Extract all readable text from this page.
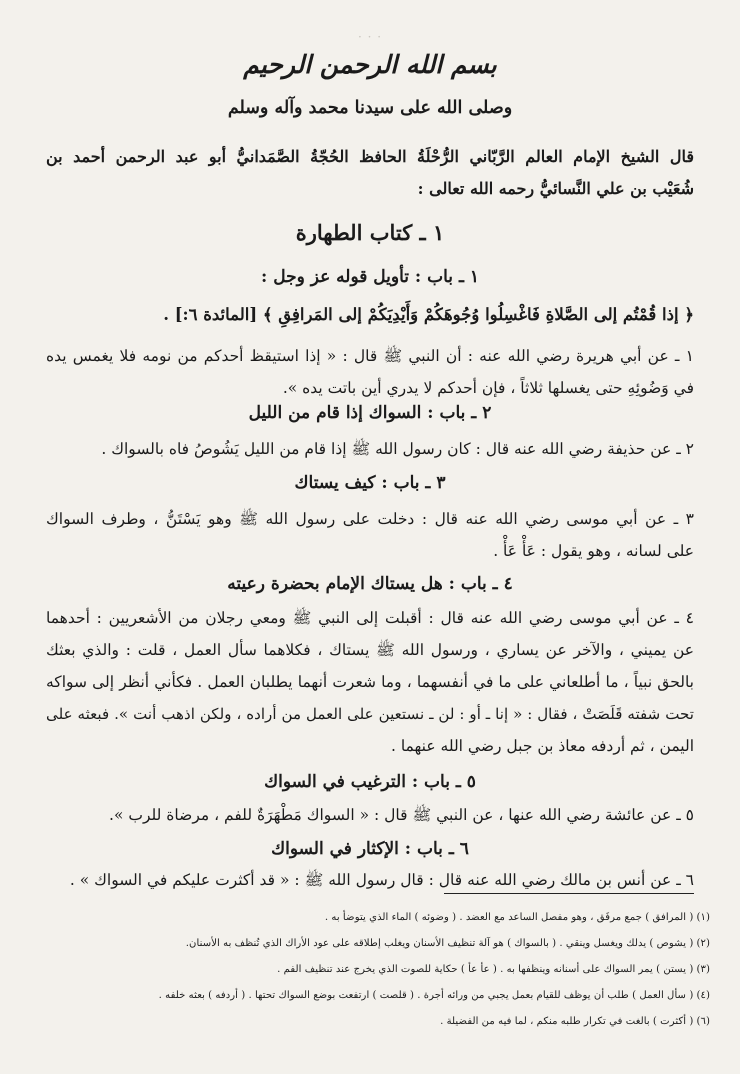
· · ·
بسم الله الرحمن الرحيم
وصلى الله على سيدنا محمد وآله وسلم
قال الشيخ الإمام العالم الرَّبّاني الرُّحْلَةُ الحافظ الحُجّةُ الصَّمَدانيُّ أبو عبد الرحمن أحمد بن
شُعَيْب بن علي النَّسائيُّ رحمه الله تعالى :
١ ـ كتاب الطهارة
١ ـ باب : تأويل قوله عز وجل :
﴿ إذا قُمْتُم إلى الصَّلاةِ فَاغْسِلُوا وُجُوهَكُمْ وَأَيْدِيَكُمْ إلى المَرافِقِ ﴾ [المائدة ٦:] .
١ ـ عن أبي هريرة رضي الله عنه : أن النبي ﷺ قال : « إذا استيقظ أحدكم من نومه فلا يغمس يده
في وَضُوئِهِ حتى يغسلها ثلاثاً ، فإن أحدكم لا يدري أين باتت يده ».
٢ ـ باب : السواك إذا قام من الليل
٢ ـ عن حذيفة رضي الله عنه قال : كان رسول الله ﷺ إذا قام من الليل يَشُوصُ فاه بالسواك .
٣ ـ باب : كيف يستاك
٣ ـ عن أبي موسى رضي الله عنه قال : دخلت على رسول الله ﷺ وهو يَسْتَنُّ ، وطرف السواك
على لسانه ، وهو يقول : عَأْ عَأْ .
٤ ـ باب : هل يستاك الإمام بحضرة رعيته
٤ ـ عن أبي موسى رضي الله عنه قال : أقبلت إلى النبي ﷺ ومعي رجلان من الأشعريين : أحدهما
عن يميني ، والآخر عن يساري ، ورسول الله ﷺ يستاك ، فكلاهما سأل العمل ، قلت : والذي بعثك
بالحق نبياً ، ما أطلعاني على ما في أنفسهما ، وما شعرت أنهما يطلبان العمل . فكأني أنظر إلى سواكه
تحت شفته قَلَصَتْ ، فقال : « إنا ـ أو : لن ـ نستعين على العمل من أراده ، ولكن اذهب أنت ». فبعثه على
اليمن ، ثم أردفه معاذ بن جبل رضي الله عنهما .
٥ ـ باب : الترغيب في السواك
٥ ـ عن عائشة رضي الله عنها ، عن النبي ﷺ قال : « السواك مَطْهَرَةٌ للفم ، مرضاة للرب ».
٦ ـ باب : الإكثار في السواك
٦ ـ عن أنس بن مالك رضي الله عنه قال : قال رسول الله ﷺ : « قد أكثرت عليكم في السواك » .
(١) ( المرافق ) جمع مرفَق ، وهو مفصل الساعد مع العضد . ( وضوئه ) الماء الذي يتوضأ به .
(٢) ( يشوص ) يدلك ويغسل وينقي . ( بالسواك ) هو آلة تنظيف الأسنان ويغلب إطلاقه على عود الأراك الذي تُنظف به الأسنان.
(٣) ( يستن ) يمر السواك على أسنانه وينظفها به . ( عأ عأ ) حكاية للصوت الذي يخرج عند تنظيف الفم .
(٤) ( سأل العمل ) طلب أن يوظف للقيام بعمل يجبي من ورائه أجرة . ( قلصت ) ارتفعت بوضع السواك تحتها . ( أردفه ) بعثه خلفه .
(٦) ( أكثرت ) بالغت في تكرار طلبه منكم ، لما فيه من الفضيلة .
